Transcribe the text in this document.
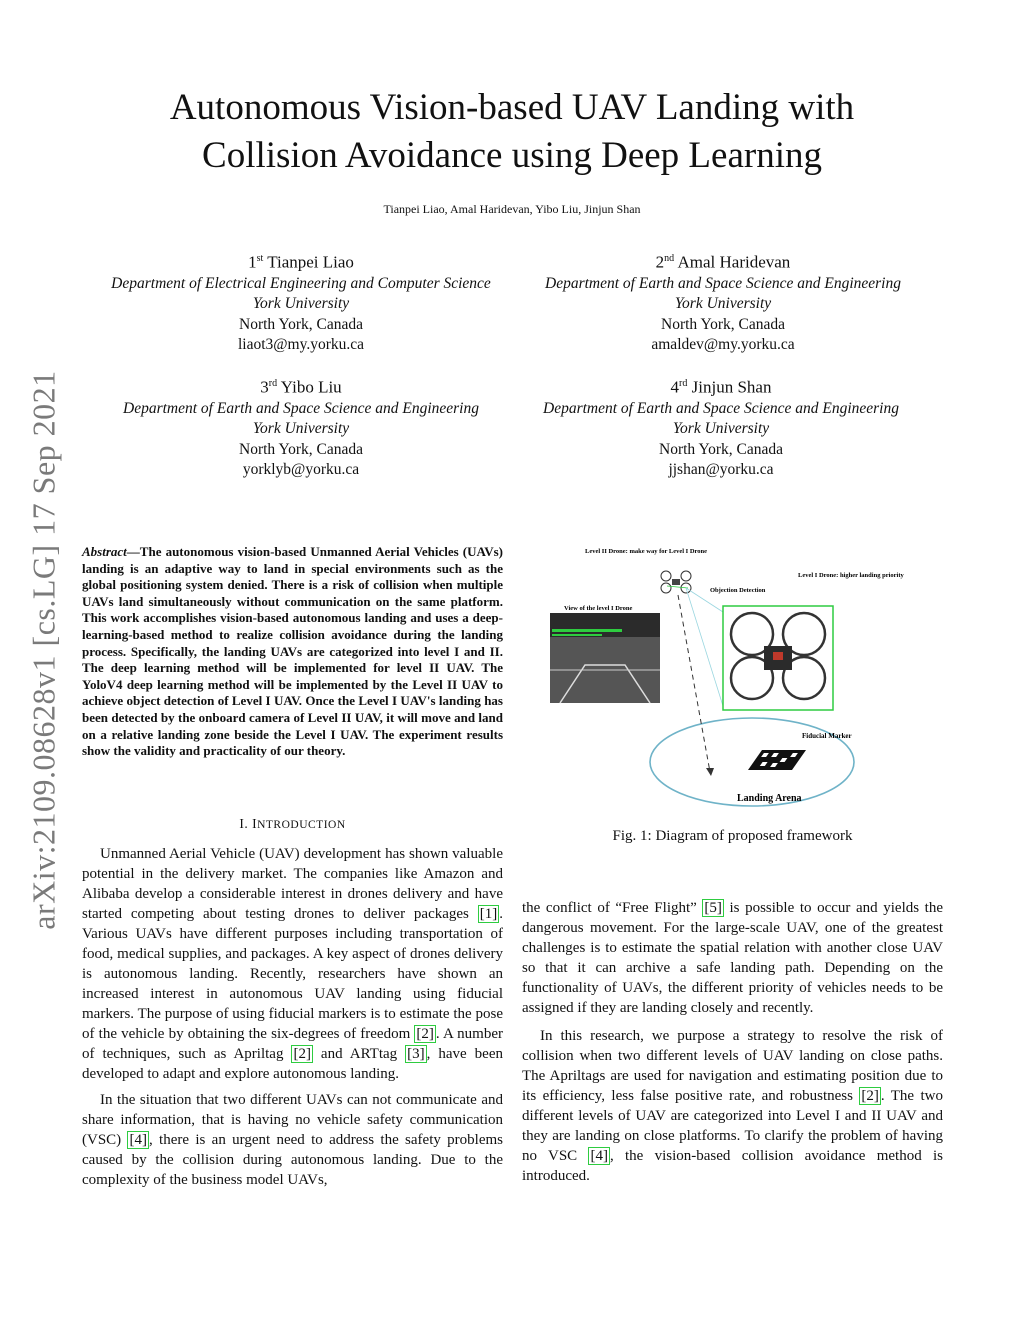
arXiv:2109.08628v1 [cs.LG] 17 Sep 2021
Autonomous Vision-based UAV Landing with
Collision Avoidance using Deep Learning
Tianpei Liao, Amal Haridevan, Yibo Liu, Jinjun Shan
1st Tianpei Liao
Department of Electrical Engineering and Computer Science
York University
North York, Canada
liaot3@my.yorku.ca
2nd Amal Haridevan
Department of Earth and Space Science and Engineering
York University
North York, Canada
amaldev@my.yorku.ca
3rd Yibo Liu
Department of Earth and Space Science and Engineering
York University
North York, Canada
yorklyb@yorku.ca
4rd Jinjun Shan
Department of Earth and Space Science and Engineering
York University
North York, Canada
jjshan@yorku.ca
Abstract—The autonomous vision-based Unmanned Aerial Vehicles (UAVs) landing is an adaptive way to land in special environments such as the global positioning system denied. There is a risk of collision when multiple UAVs land simultaneously without communication on the same platform. This work accomplishes vision-based autonomous landing and uses a deep-learning-based method to realize collision avoidance during the landing process. Specifically, the landing UAVs are categorized into level I and II. The deep learning method will be implemented for level II UAV. The YoloV4 deep learning method will be implemented by the Level II UAV to achieve object detection of Level I UAV. Once the Level I UAV's landing has been detected by the onboard camera of Level II UAV, it will move and land on a relative landing zone beside the Level I UAV. The experiment results show the validity and practicality of our theory.
I. INTRODUCTION

Unmanned Aerial Vehicle (UAV) development has shown valuable potential in the delivery market. The companies like Amazon and Alibaba develop a considerable interest in drones delivery and have started competing about testing drones to deliver packages [1] . Various UAVs have different purposes including transportation of food, medical supplies, and packages. A key aspect of drones delivery is autonomous landing. Recently, researchers have shown an increased interest in autonomous UAV landing using fiducial markers. The purpose of using fiducial markers is to estimate the pose of the vehicle by obtaining the six-degrees of freedom [2] . A number of techniques, such as Apriltag [2] and ARTtag [3] , have been developed to adapt and explore autonomous landing.

In the situation that two different UAVs can not communicate and share information, that is having no vehicle safety communication (VSC) [4] , there is an urgent need to address the safety problems caused by the collision during autonomous landing. Due to the complexity of the business model UAVs,

Fiducial Marker
Landing Arena
Level II Drone: make way for Level I Drone
View of the level I Drone
Objection Detection
Level I Drone: higher landing priority
Fig. 1: Diagram of proposed framework

the conflict of “Free Flight” [5] is possible to occur and yields the dangerous movement. For the large-scale UAV, one of the greatest challenges is to estimate the spatial relation with another close UAV so that it can archive a safe landing path. Depending on the functionality of UAVs, the different priority of vehicles needs to be assigned if they are landing closely and recently.

In this research, we purpose a strategy to resolve the risk of collision when two different levels of UAV landing on close paths. The Apriltags are used for navigation and estimating position due to its efficiency, less false positive rate, and robustness [2] . The two different levels of UAV are categorized into Level I and II UAV and they are landing on close platforms. To clarify the problem of having no VSC [4] , the vision-based collision avoidance method is introduced.
